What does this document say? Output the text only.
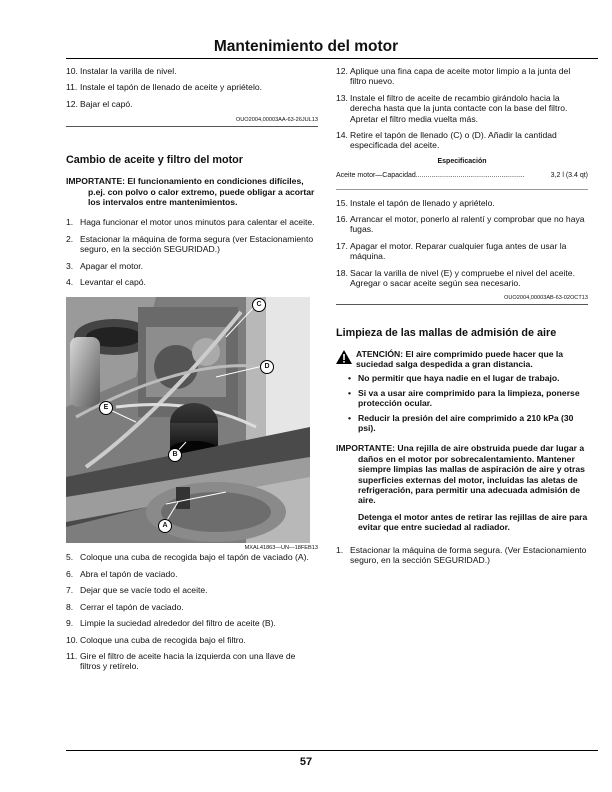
Mantenimiento del motor
10. Instalar la varilla de nivel.
11. Instale el tapón de llenado de aceite y apriételo.
12. Bajar el capó.
OUO2004,00003AA-63-26JUL13
Cambio de aceite y filtro del motor
IMPORTANTE: El funcionamiento en condiciones difíciles, p.ej. con polvo o calor extremo, puede obligar a acortar los intervalos entre mantenimientos.
1. Haga funcionar el motor unos minutos para calentar el aceite.
2. Estacionar la máquina de forma segura (ver Estacionamiento seguro, en la sección SEGURIDAD.)
3. Apagar el motor.
4. Levantar el capó.
C
D
E
B
A
MXAL41863—UN—18FEB13
5. Coloque una cuba de recogida bajo el tapón de vaciado (A).
6. Abra el tapón de vaciado.
7. Dejar que se vacíe todo el aceite.
8. Cerrar el tapón de vaciado.
9. Limpie la suciedad alrededor del filtro de aceite (B).
10. Coloque una cuba de recogida bajo el filtro.
11. Gire el filtro de aceite hacia la izquierda con una llave de filtros y retírelo.
12. Aplique una fina capa de aceite motor limpio a la junta del filtro nuevo.
13. Instale el filtro de aceite de recambio girándolo hacia la derecha hasta que la junta contacte con la base del filtro. Apretar el filtro media vuelta más.
14. Retire el tapón de llenado (C) o (D). Añadir la cantidad especificada del aceite.
Especificación
Aceite motor—Capacidad. .......................................................	3,2 l (3.4 qt)
15. Instale el tapón de llenado y apriételo.
16. Arrancar el motor, ponerlo al ralentí y comprobar que no haya fugas.
17. Apagar el motor. Reparar cualquier fuga antes de usar la máquina.
18. Sacar la varilla de nivel (E) y compruebe el nivel del aceite. Agregar o sacar aceite según sea necesario.
OUO2004,00003AB-63-02OCT13
Limpieza de las mallas de admisión de aire
ATENCIÓN: El aire comprimido puede hacer que la suciedad salga despedida a gran distancia.
• No permitir que haya nadie en el lugar de trabajo.
• Si va a usar aire comprimido para la limpieza, ponerse protección ocular.
• Reducir la presión del aire comprimido a 210 kPa (30 psi).
IMPORTANTE: Una rejilla de aire obstruida puede dar lugar a daños en el motor por sobrecalentamiento. Mantener siempre limpias las mallas de aspiración de aire y otras superficies externas del motor, incluidas las aletas de refrigeración, para permitir una adecuada admisión de aire.
Detenga el motor antes de retirar las rejillas de aire para evitar que entre suciedad al radiador.
1. Estacionar la máquina de forma segura. (Ver Estacionamiento seguro, en la sección SEGURIDAD.)
57
